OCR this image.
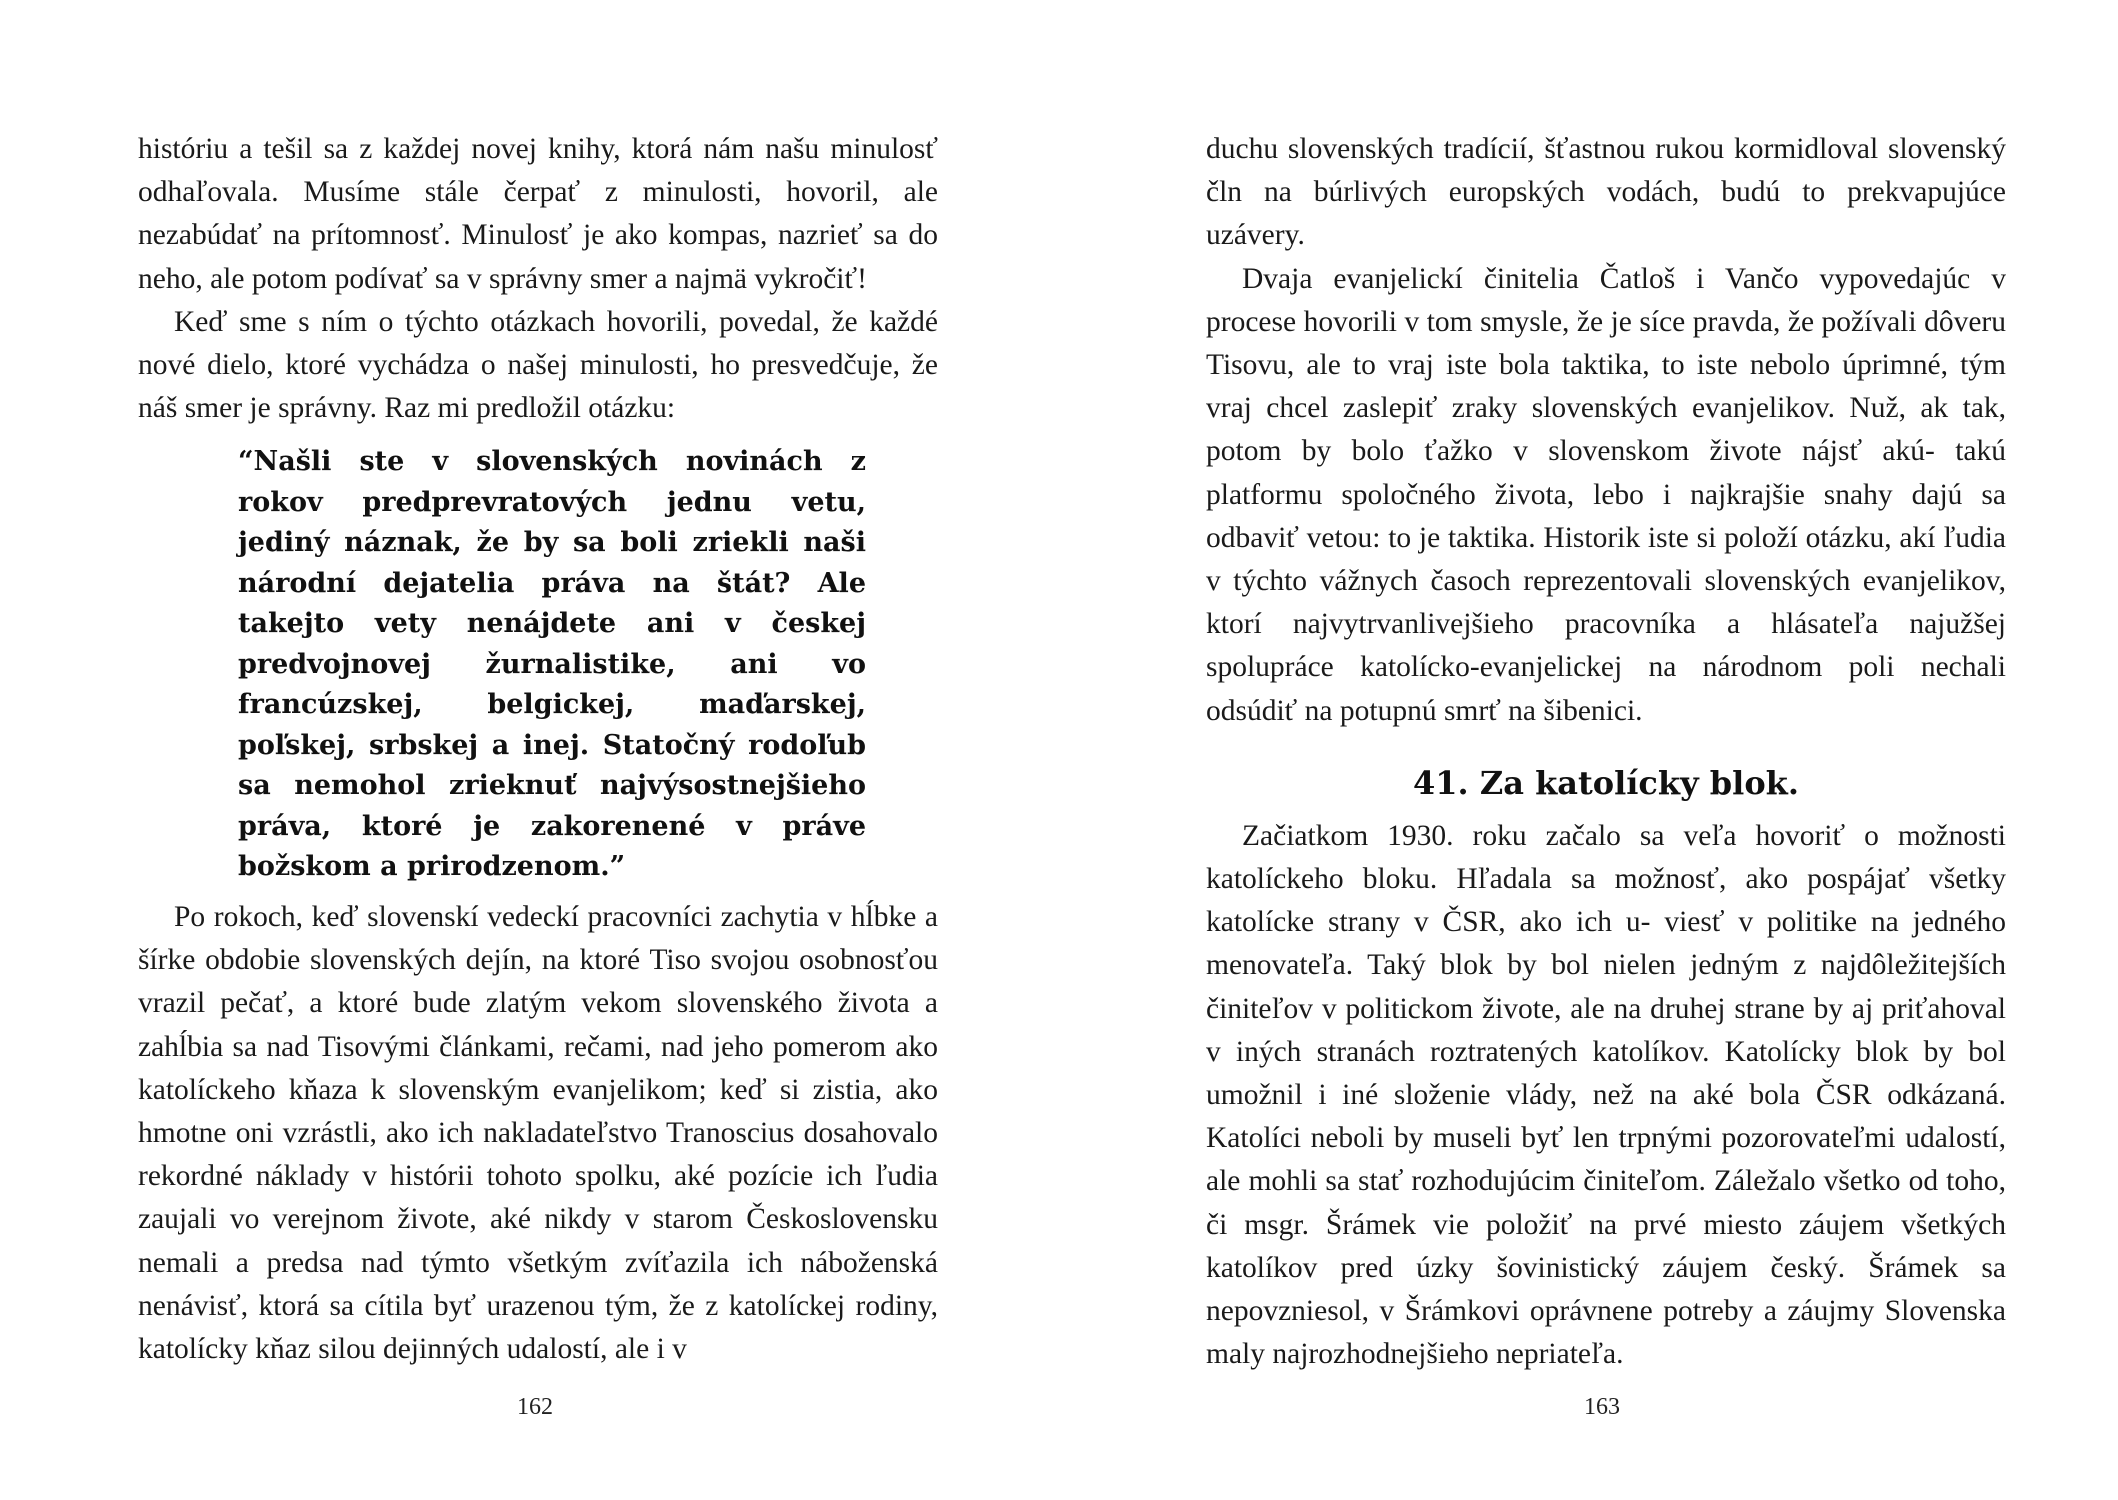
históriu a tešil sa z každej novej knihy, ktorá nám našu minulosť odhaľovala. Musíme stále čerpať z minulosti, hovoril, ale nezabúdať na prítomnosť. Minulosť je ako kompas, nazrieť sa do neho, ale potom podívať sa v správny smer a najmä vykročiť!

Keď sme s ním o týchto otázkach hovorili, povedal, že každé nové dielo, ktoré vychádza o našej minulosti, ho presvedčuje, že náš smer je správny. Raz mi predložil otázku:

“Našli ste v slovenských novinách z rokov predprevratových jednu vetu, jediný náznak, že by sa boli zriekli naši národní dejatelia práva na štát? Ale takejto vety nenájdete ani v českej predvojnovej žurnalistike, ani vo francúzskej, belgickej, maďarskej, poľskej, srbskej a inej. Statočný rodoľub sa nemohol zrieknuť najvýsostnejšieho práva, ktoré je zakorenené v práve božskom a prirodzenom.”

Po rokoch, keď slovenskí vedeckí pracovníci zachytia v hĺbke a šírke obdobie slovenských dejín, na ktoré Tiso svojou osobnosťou vrazil pečať, a ktoré bude zlatým vekom slovenského života a zahĺbia sa nad Tisovými článkami, rečami, nad jeho pomerom ako katolíckeho kňaza k slovenským evanjelikom; keď si zistia, ako hmotne oni vzrástli, ako ich nakladateľstvo Tranoscius dosahovalo rekordné náklady v histórii tohoto spolku, aké pozície ich ľudia zaujali vo verejnom živote, aké nikdy v starom Československu nemali a predsa nad týmto všetkým zvíťazila ich náboženská nenávisť, ktorá sa cítila byť urazenou tým, že z katolíckej rodiny, katolícky kňaz silou dejinných udalostí, ale i v

162

duchu slovenských tradícií, šťastnou rukou kormidloval slovenský čln na búrlivých europských vodách, budú to prekvapujúce uzávery.

Dvaja evanjelickí činitelia Čatloš i Vančo vypovedajúc v procese hovorili v tom smysle, že je síce pravda, že požívali dôveru Tisovu, ale to vraj iste bola taktika, to iste nebolo úprimné, tým vraj chcel zaslepiť zraky slovenských evanjelikov. Nuž, ak tak, potom by bolo ťažko v slovenskom živote nájsť akú- takú platformu spoločného života, lebo i najkrajšie snahy dajú sa odbaviť vetou: to je taktika. Historik iste si položí otázku, akí ľudia v týchto vážnych časoch reprezentovali slovenských evanjelikov, ktorí najvytrvanlivejšieho pracovníka a hlásateľa najužšej spolupráce katolícko-evanjelickej na národnom poli nechali odsúdiť na potupnú smrť na šibenici.

41. Za katolícky blok.

Začiatkom 1930. roku začalo sa veľa hovoriť o možnosti katolíckeho bloku. Hľadala sa možnosť, ako pospájať všetky katolícke strany v ČSR, ako ich u- viesť v politike na jedného menovateľa. Taký blok by bol nielen jedným z najdôležitejších činiteľov v politickom živote, ale na druhej strane by aj priťahoval v iných stranách roztratených katolíkov. Katolícky blok by bol umožnil i iné složenie vlády, než na aké bola ČSR odkázaná. Katolíci neboli by museli byť len trpnými pozorovateľmi udalostí, ale mohli sa stať rozhodujúcim činiteľom. Záležalo všetko od toho, či msgr. Šrámek vie položiť na prvé miesto záujem všetkých katolíkov pred úzky šovinistický záujem český. Šrámek sa nepovzniesol, v Šrámkovi oprávnene potreby a záujmy Slovenska maly najrozhodnejšieho nepriateľa.

163
